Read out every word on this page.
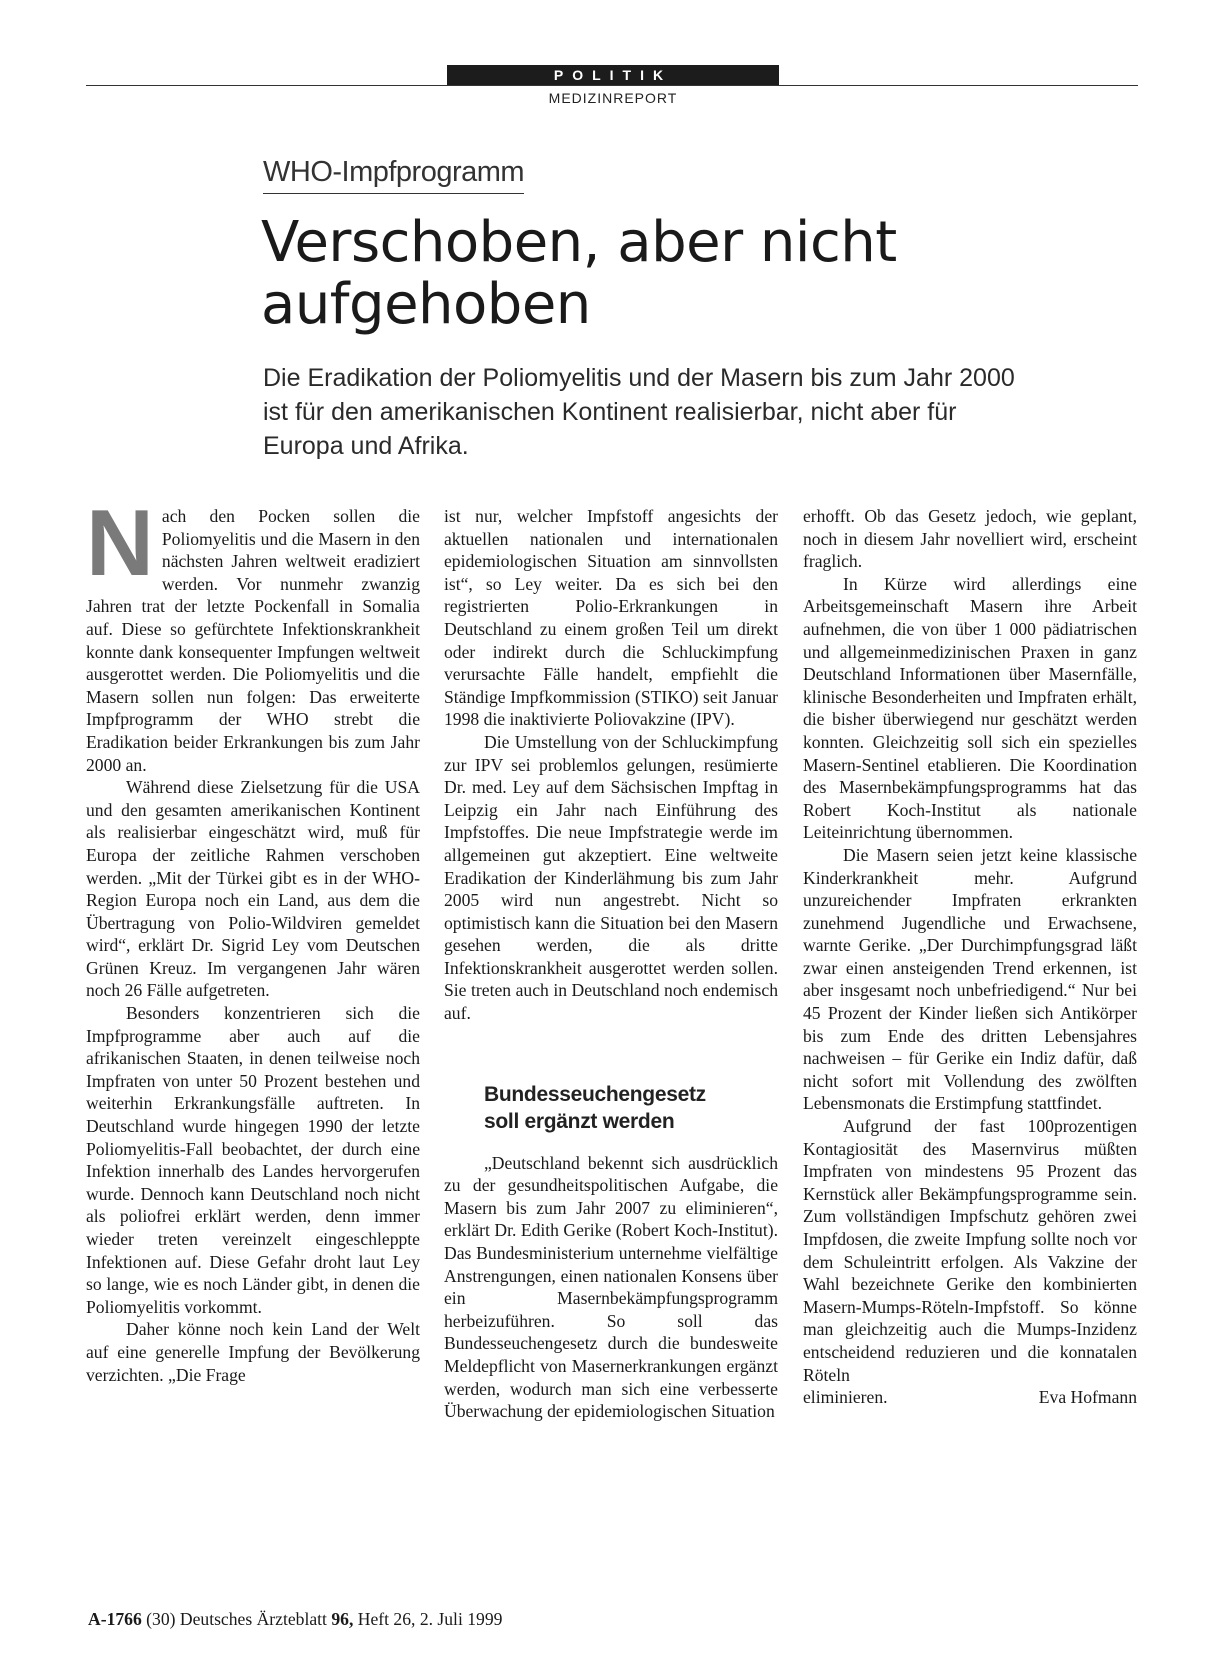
POLITIK
MEDIZINREPORT
WHO-Impfprogramm
Verschoben, aber nicht
aufgehoben

Die Eradikation der Poliomyelitis und der Masern bis zum Jahr 2000 ist für den amerikanischen Kontinent realisierbar, nicht aber für Europa und Afrika.

Nach den Pocken sollen die Poliomyelitis und die Masern in den nächsten Jahren weltweit eradiziert werden. Vor nunmehr zwanzig Jahren trat der letzte Pockenfall in Somalia auf. Diese so gefürchtete Infektionskrankheit konnte dank konsequenter Impfungen weltweit ausgerottet werden. Die Poliomyelitis und die Masern sollen nun folgen: Das erweiterte Impfprogramm der WHO strebt die Eradikation beider Erkrankungen bis zum Jahr 2000 an.

Während diese Zielsetzung für die USA und den gesamten amerikanischen Kontinent als realisierbar eingeschätzt wird, muß für Europa der zeitliche Rahmen verschoben werden. „Mit der Türkei gibt es in der WHO-Region Europa noch ein Land, aus dem die Übertragung von Polio-Wildviren gemeldet wird“, erklärt Dr. Sigrid Ley vom Deutschen Grünen Kreuz. Im vergangenen Jahr wären noch 26 Fälle aufgetreten.

Besonders konzentrieren sich die Impfprogramme aber auch auf die afrikanischen Staaten, in denen teilweise noch Impfraten von unter 50 Prozent bestehen und weiterhin Erkrankungsfälle auftreten. In Deutschland wurde hingegen 1990 der letzte Poliomyelitis-Fall beobachtet, der durch eine Infektion innerhalb des Landes hervorgerufen wurde. Dennoch kann Deutschland noch nicht als poliofrei erklärt werden, denn immer wieder treten vereinzelt eingeschleppte Infektionen auf. Diese Gefahr droht laut Ley so lange, wie es noch Länder gibt, in denen die Poliomyelitis vorkommt.

Daher könne noch kein Land der Welt auf eine generelle Impfung der Bevölkerung verzichten. „Die Frage

ist nur, welcher Impfstoff angesichts der aktuellen nationalen und internationalen epidemiologischen Situation am sinnvollsten ist“, so Ley weiter. Da es sich bei den registrierten Polio-Erkrankungen in Deutschland zu einem großen Teil um direkt oder indirekt durch die Schluckimpfung verursachte Fälle handelt, empfiehlt die Ständige Impfkommission (STIKO) seit Januar 1998 die inaktivierte Poliovakzine (IPV).

Die Umstellung von der Schluckimpfung zur IPV sei problemlos gelungen, resümierte Dr. med. Ley auf dem Sächsischen Impftag in Leipzig ein Jahr nach Einführung des Impfstoffes. Die neue Impfstrategie werde im allgemeinen gut akzeptiert. Eine weltweite Eradikation der Kinderlähmung bis zum Jahr 2005 wird nun angestrebt. Nicht so optimistisch kann die Situation bei den Masern gesehen werden, die als dritte Infektionskrankheit ausgerottet werden sollen. Sie treten auch in Deutschland noch endemisch auf.

Bundesseuchengesetz
soll ergänzt werden

„Deutschland bekennt sich ausdrücklich zu der gesundheitspolitischen Aufgabe, die Masern bis zum Jahr 2007 zu eliminieren“, erklärt Dr. Edith Gerike (Robert Koch-Institut). Das Bundesministerium unternehme vielfältige Anstrengungen, einen nationalen Konsens über ein Masernbekämpfungsprogramm herbeizuführen. So soll das Bundesseuchengesetz durch die bundesweite Meldepflicht von Masernerkrankungen ergänzt werden, wodurch man sich eine verbesserte Überwachung der epidemiologischen Situation

erhofft. Ob das Gesetz jedoch, wie geplant, noch in diesem Jahr novelliert wird, erscheint fraglich.

In Kürze wird allerdings eine Arbeitsgemeinschaft Masern ihre Arbeit aufnehmen, die von über 1 000 pädiatrischen und allgemeinmedizinischen Praxen in ganz Deutschland Informationen über Masernfälle, klinische Besonderheiten und Impfraten erhält, die bisher überwiegend nur geschätzt werden konnten. Gleichzeitig soll sich ein spezielles Masern-Sentinel etablieren. Die Koordination des Masernbekämpfungsprogramms hat das Robert Koch-Institut als nationale Leiteinrichtung übernommen.

Die Masern seien jetzt keine klassische Kinderkrankheit mehr. Aufgrund unzureichender Impfraten erkrankten zunehmend Jugendliche und Erwachsene, warnte Gerike. „Der Durchimpfungsgrad läßt zwar einen ansteigenden Trend erkennen, ist aber insgesamt noch unbefriedigend.“ Nur bei 45 Prozent der Kinder ließen sich Antikörper bis zum Ende des dritten Lebensjahres nachweisen – für Gerike ein Indiz dafür, daß nicht sofort mit Vollendung des zwölften Lebensmonats die Erstimpfung stattfindet.

Aufgrund der fast 100prozentigen Kontagiosität des Masernvirus müßten Impfraten von mindestens 95 Prozent das Kernstück aller Bekämpfungsprogramme sein. Zum vollständigen Impfschutz gehören zwei Impfdosen, die zweite Impfung sollte noch vor dem Schuleintritt erfolgen. Als Vakzine der Wahl bezeichnete Gerike den kombinierten Masern-Mumps-Röteln-Impfstoff. So könne man gleichzeitig auch die Mumps-Inzidenz entscheidend reduzieren und die konnatalen Röteln

eliminieren.	Eva Hofmann
A-1766 (30) Deutsches Ärzteblatt 96, Heft 26, 2. Juli 1999
